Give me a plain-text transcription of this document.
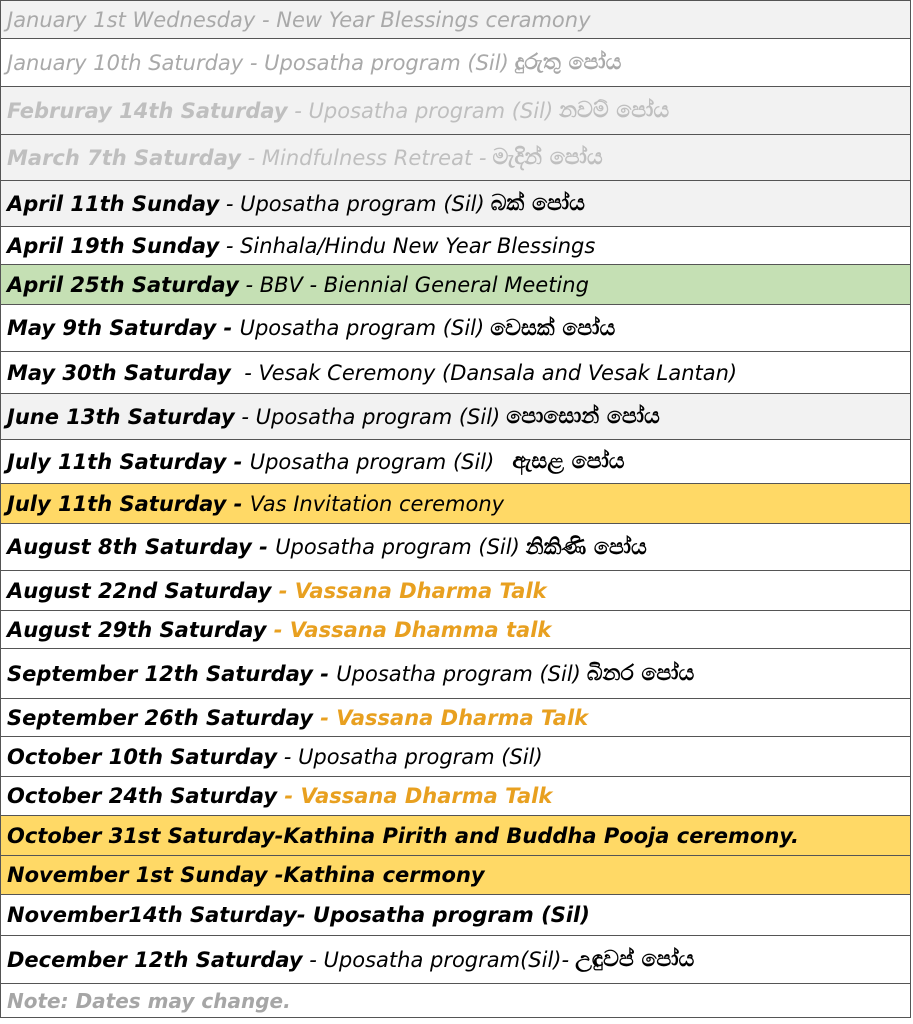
January 1st Wednesday - New Year Blessings ceramony
January 10th Saturday - Uposatha program (Sil) දුරුතු පෝය
Februray 14th Saturday - Uposatha program (Sil) නවම් පෝය
March 7th Saturday - Mindfulness Retreat - මැදින් පෝය
April 11th Sunday - Uposatha program (Sil) බක් පෝය
April 19th Sunday - Sinhala/Hindu New Year Blessings
April 25th Saturday - BBV - Biennial General Meeting
May 9th Saturday - Uposatha program (Sil) වෙසක් පෝය
May 30th Saturday - Vesak Ceremony (Dansala and Vesak Lantan)
June 13th Saturday - Uposatha program (Sil) පොසොන් පෝය
July 11th Saturday - Uposatha program (Sil) ඇසළ පෝය
July 11th Saturday - Vas Invitation ceremony
August 8th Saturday - Uposatha program (Sil) නිකිණි පෝය
August 22nd Saturday - Vassana Dharma Talk
August 29th Saturday - Vassana Dhamma talk
September 12th Saturday - Uposatha program (Sil) බිනර පෝය
September 26th Saturday - Vassana Dharma Talk
October 10th Saturday - Uposatha program (Sil)
October 24th Saturday - Vassana Dharma Talk
October 31st Saturday - Kathina Pirith and Buddha Pooja ceremony.
November 1st Sunday - Kathina cermony
November14th Saturday - Uposatha program (Sil)
December 12th Saturday - Uposatha program(Sil)- උඳුවප් පෝය
Note: Dates may change.
